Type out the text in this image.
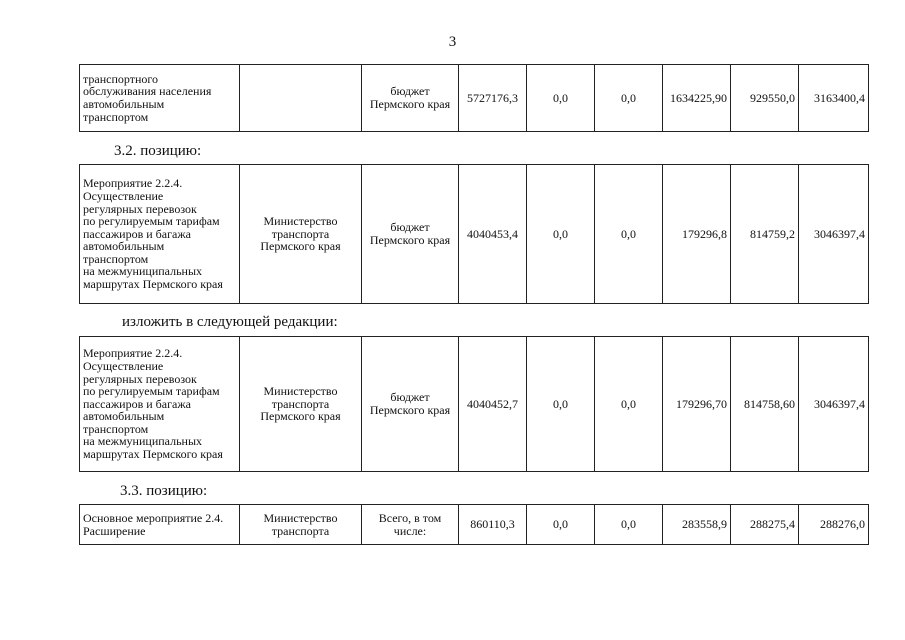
3
транспортного
обслуживания населения
автомобильным
транспортом		бюджет
Пермского края	5727176,3	0,0	0,0	1634225,90	929550,0	3163400,4
3.2. позицию:
Мероприятие 2.2.4.
Осуществление
регулярных перевозок
по регулируемым тарифам
пассажиров и багажа
автомобильным
транспортом
на межмуниципальных
маршрутах Пермского края	Министерство
транспорта
Пермского края	бюджет
Пермского края	4040453,4	0,0	0,0	179296,8	814759,2	3046397,4
изложить в следующей редакции:
Мероприятие 2.2.4.
Осуществление
регулярных перевозок
по регулируемым тарифам
пассажиров и багажа
автомобильным
транспортом
на межмуниципальных
маршрутах Пермского края	Министерство
транспорта
Пермского края	бюджет
Пермского края	4040452,7	0,0	0,0	179296,70	814758,60	3046397,4
3.3. позицию:
Основное мероприятие 2.4.
Расширение	Министерство
транспорта	Всего, в том
числе:	860110,3	0,0	0,0	283558,9	288275,4	288276,0
